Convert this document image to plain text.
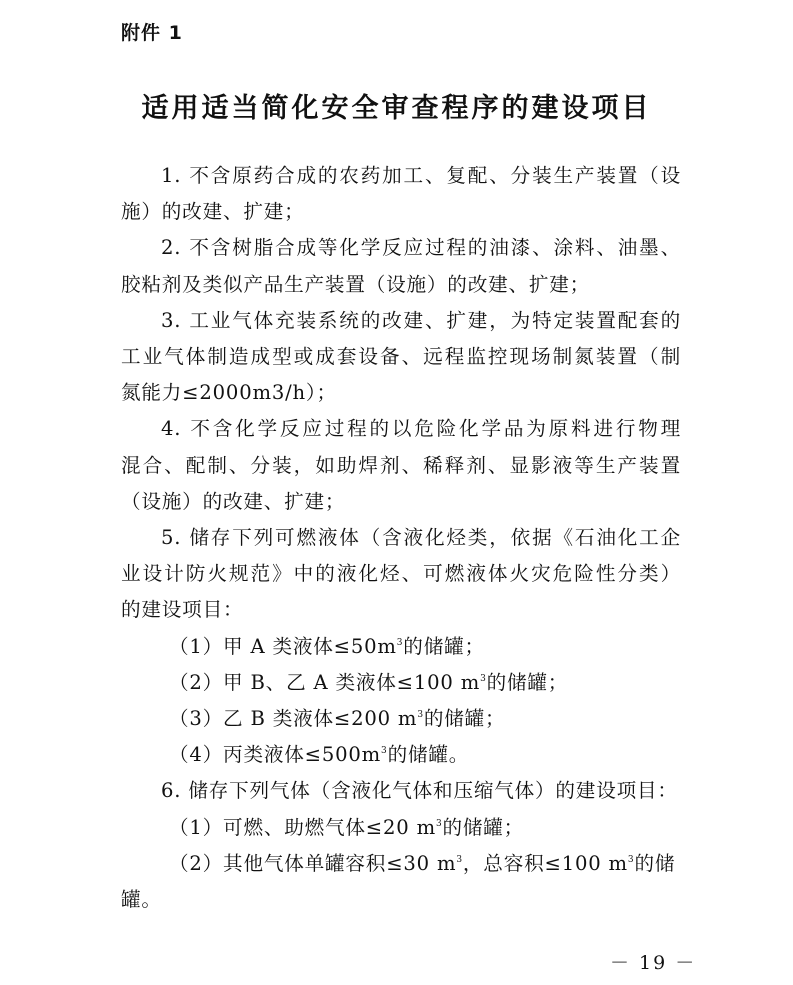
附件 1
适用适当简化安全审查程序的建设项目
1. 不含原药合成的农药加工、复配、分装生产装置（设
施）的改建、扩建；
2. 不含树脂合成等化学反应过程的油漆、涂料、油墨、
胶粘剂及类似产品生产装置（设施）的改建、扩建；
3. 工业气体充装系统的改建、扩建，为特定装置配套的
工业气体制造成型或成套设备、远程监控现场制氮装置（制
氮能力≤2000m3/h）；
4. 不含化学反应过程的以危险化学品为原料进行物理
混合、配制、分装，如助焊剂、稀释剂、显影液等生产装置
（设施）的改建、扩建；
5. 储存下列可燃液体（含液化烃类，依据《石油化工企
业设计防火规范》中的液化烃、可燃液体火灾危险性分类）
的建设项目：
（1）甲 A 类液体$\le 50m^3$的储罐；
（2）甲 B、乙 A 类液体≤100 $m^3$的储罐；
（3）乙 B 类液体≤200 $m^3$的储罐；
（4）丙类液体$\le 500m^3$的储罐。
6. 储存下列气体（含液化气体和压缩气体）的建设项目：
（1）可燃、助燃气体≤20 $m^3$的储罐；
（2）其他气体单罐容积≤30 $m^3$，总容积≤100 $m^3$的储
罐。
－ 19 －
